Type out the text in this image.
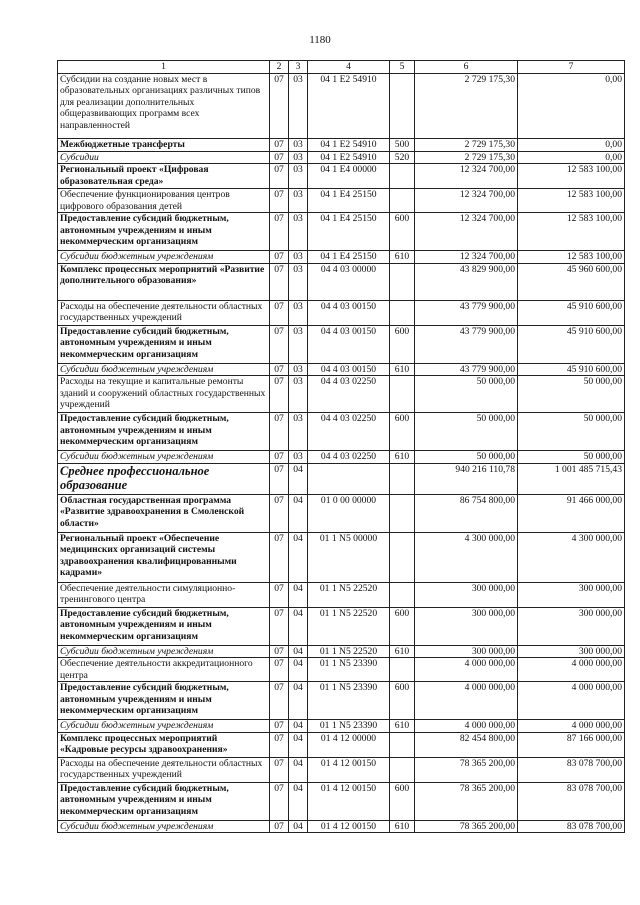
1180
1	2	3	4	5	6	7
Субсидии на создание новых мест в образовательных организациях различных типов для реализации дополнительных общеразвивающих программ всех направленностей	07	03	04 1 E2 54910		2 729 175,30	0,00
Межбюджетные трансферты	07	03	04 1 E2 54910	500	2 729 175,30	0,00
Субсидии	07	03	04 1 E2 54910	520	2 729 175,30	0,00
Региональный проект «Цифровая образовательная среда»	07	03	04 1 E4 00000		12 324 700,00	12 583 100,00
Обеспечение функционирования центров цифрового образования детей	07	03	04 1 E4 25150		12 324 700,00	12 583 100,00
Предоставление субсидий бюджетным, автономным учреждениям и иным некоммерческим организациям	07	03	04 1 E4 25150	600	12 324 700,00	12 583 100,00
Субсидии бюджетным учреждениям	07	03	04 1 E4 25150	610	12 324 700,00	12 583 100,00
Комплекс процессных мероприятий «Развитие дополнительного образования»	07	03	04 4 03 00000		43 829 900,00	45 960 600,00
Расходы на обеспечение деятельности областных государственных учреждений	07	03	04 4 03 00150		43 779 900,00	45 910 600,00
Предоставление субсидий бюджетным, автономным учреждениям и иным некоммерческим организациям	07	03	04 4 03 00150	600	43 779 900,00	45 910 600,00
Субсидии бюджетным учреждениям	07	03	04 4 03 00150	610	43 779 900,00	45 910 600,00
Расходы на текущие и капитальные ремонты зданий и сооружений областных государственных учреждений	07	03	04 4 03 02250		50 000,00	50 000,00
Предоставление субсидий бюджетным, автономным учреждениям и иным некоммерческим организациям	07	03	04 4 03 02250	600	50 000,00	50 000,00
Субсидии бюджетным учреждениям	07	03	04 4 03 02250	610	50 000,00	50 000,00
Среднее профессиональное образование	07	04			940 216 110,78	1 001 485 715,43
Областная государственная программа «Развитие здравоохранения в Смоленской области»	07	04	01 0 00 00000		86 754 800,00	91 466 000,00
Региональный проект «Обеспечение медицинских организаций системы здравоохранения квалифицированными кадрами»	07	04	01 1 N5 00000		4 300 000,00	4 300 000,00
Обеспечение деятельности симуляционно-тренингового центра	07	04	01 1 N5 22520		300 000,00	300 000,00
Предоставление субсидий бюджетным, автономным учреждениям и иным некоммерческим организациям	07	04	01 1 N5 22520	600	300 000,00	300 000,00
Субсидии бюджетным учреждениям	07	04	01 1 N5 22520	610	300 000,00	300 000,00
Обеспечение деятельности аккредитационного центра	07	04	01 1 N5 23390		4 000 000,00	4 000 000,00
Предоставление субсидий бюджетным, автономным учреждениям и иным некоммерческим организациям	07	04	01 1 N5 23390	600	4 000 000,00	4 000 000,00
Субсидии бюджетным учреждениям	07	04	01 1 N5 23390	610	4 000 000,00	4 000 000,00
Комплекс процессных мероприятий «Кадровые ресурсы здравоохранения»	07	04	01 4 12 00000		82 454 800,00	87 166 000,00
Расходы на обеспечение деятельности областных государственных учреждений	07	04	01 4 12 00150		78 365 200,00	83 078 700,00
Предоставление субсидий бюджетным, автономным учреждениям и иным некоммерческим организациям	07	04	01 4 12 00150	600	78 365 200,00	83 078 700,00
Субсидии бюджетным учреждениям	07	04	01 4 12 00150	610	78 365 200,00	83 078 700,00
